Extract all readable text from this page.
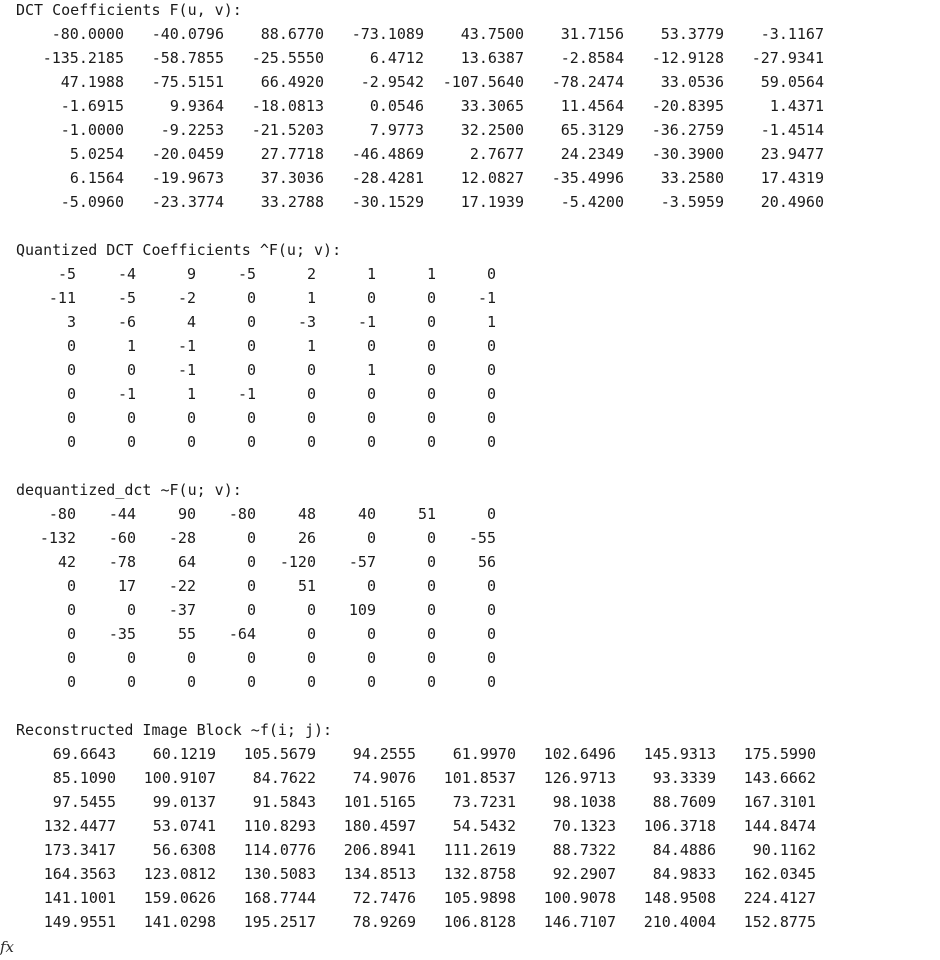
DCT Coefficients F(u, v):
-80.0000	-40.0796	88.6770	-73.1089	43.7500	31.7156	53.3779	-3.1167
-135.2185	-58.7855	-25.5550	6.4712	13.6387	-2.8584	-12.9128	-27.9341
47.1988	-75.5151	66.4920	-2.9542	-107.5640	-78.2474	33.0536	59.0564
-1.6915	9.9364	-18.0813	0.0546	33.3065	11.4564	-20.8395	1.4371
-1.0000	-9.2253	-21.5203	7.9773	32.2500	65.3129	-36.2759	-1.4514
5.0254	-20.0459	27.7718	-46.4869	2.7677	24.2349	-30.3900	23.9477
6.1564	-19.9673	37.3036	-28.4281	12.0827	-35.4996	33.2580	17.4319
-5.0960	-23.3774	33.2788	-30.1529	17.1939	-5.4200	-3.5959	20.4960
Quantized DCT Coefficients ^F(u; v):
-5	-4	9	-5	2	1	1	0
-11	-5	-2	0	1	0	0	-1
3	-6	4	0	-3	-1	0	1
0	1	-1	0	1	0	0	0
0	0	-1	0	0	1	0	0
0	-1	1	-1	0	0	0	0
0	0	0	0	0	0	0	0
0	0	0	0	0	0	0	0
dequantized_dct ~F(u; v):
-80	-44	90	-80	48	40	51	0
-132	-60	-28	0	26	0	0	-55
42	-78	64	0	-120	-57	0	56
0	17	-22	0	51	0	0	0
0	0	-37	0	0	109	0	0
0	-35	55	-64	0	0	0	0
0	0	0	0	0	0	0	0
0	0	0	0	0	0	0	0
Reconstructed Image Block ~f(i; j):
69.6643	60.1219	105.5679	94.2555	61.9970	102.6496	145.9313	175.5990
85.1090	100.9107	84.7622	74.9076	101.8537	126.9713	93.3339	143.6662
97.5455	99.0137	91.5843	101.5165	73.7231	98.1038	88.7609	167.3101
132.4477	53.0741	110.8293	180.4597	54.5432	70.1323	106.3718	144.8474
173.3417	56.6308	114.0776	206.8941	111.2619	88.7322	84.4886	90.1162
164.3563	123.0812	130.5083	134.8513	132.8758	92.2907	84.9833	162.0345
141.1001	159.0626	168.7744	72.7476	105.9898	100.9078	148.9508	224.4127
149.9551	141.0298	195.2517	78.9269	106.8128	146.7107	210.4004	152.8775
fx
